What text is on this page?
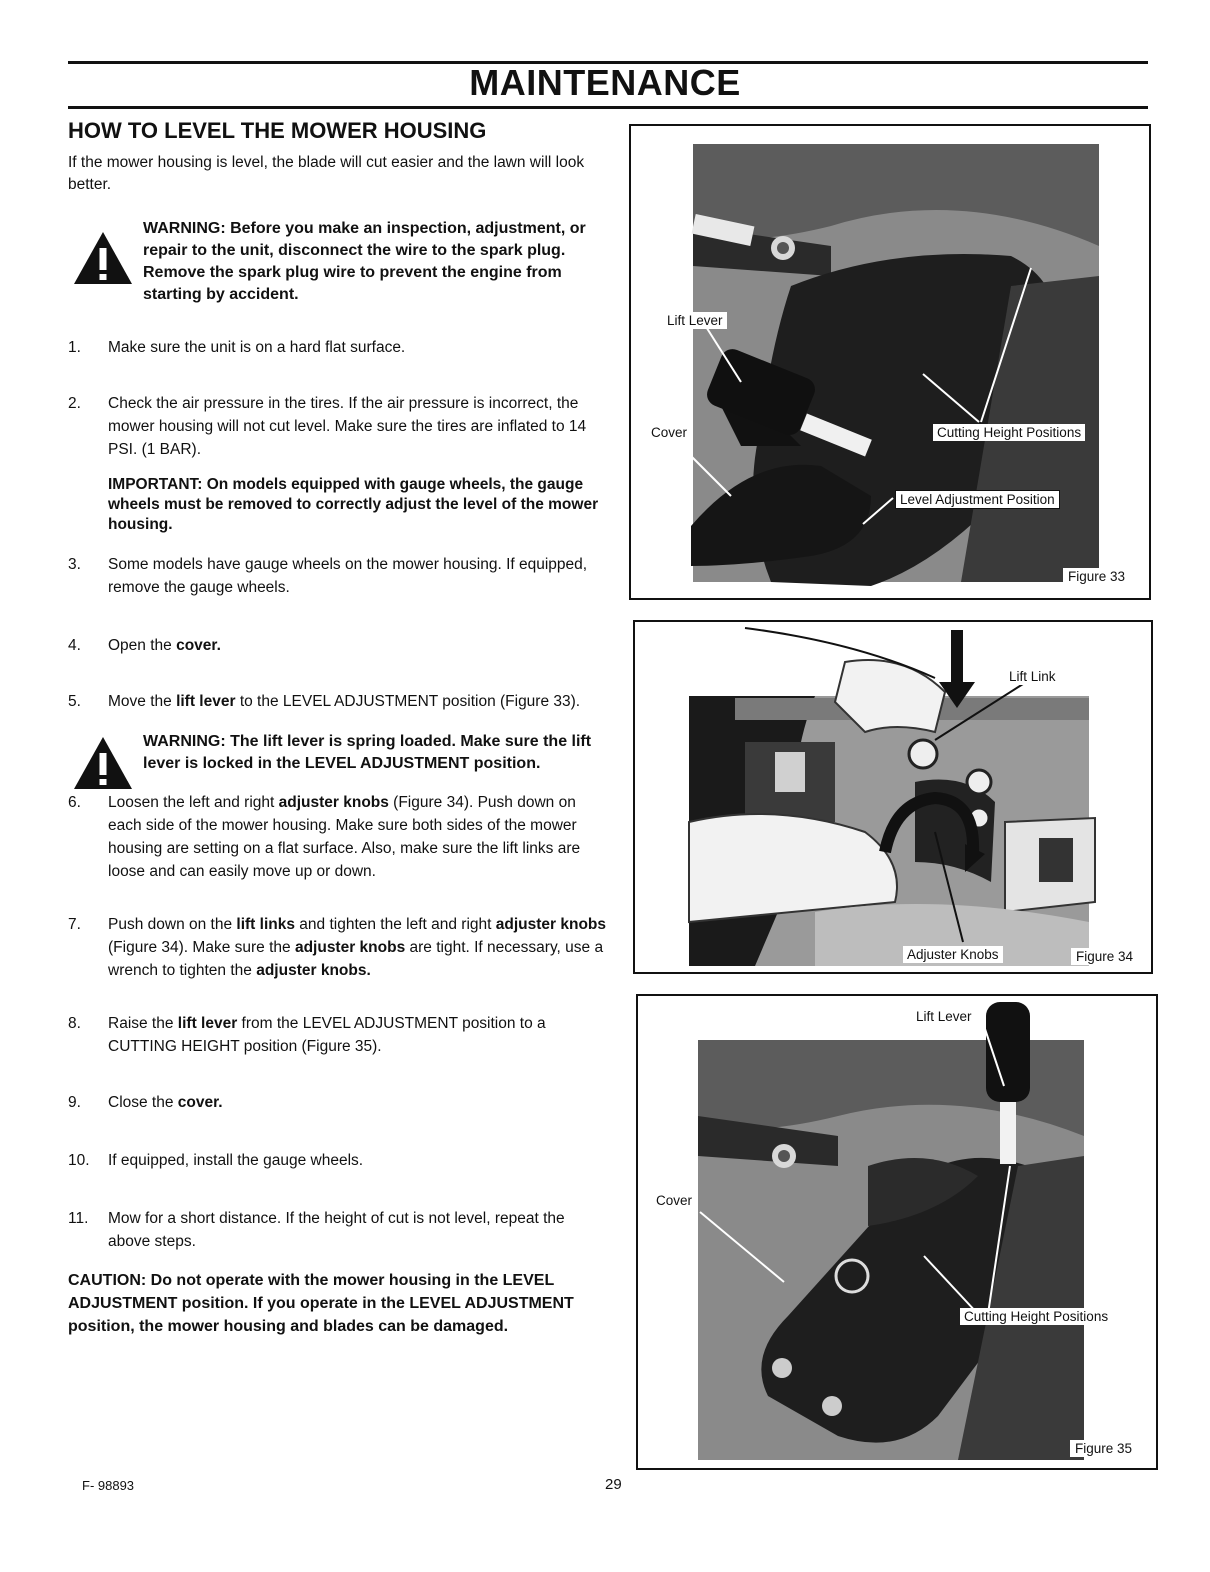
MAINTENANCE
HOW TO LEVEL THE MOWER HOUSING

If the mower housing is level, the blade will cut easier and the lawn will look better.

WARNING: Before you make an inspection, adjustment, or repair to the unit, disconnect the wire to the spark plug. Remove the spark plug wire to prevent the engine from starting by accident.

1. Make sure the unit is on a hard flat surface.

2. Check the air pressure in the tires. If the air pressure is incorrect, the mower housing will not cut level. Make sure the tires are inflated to 14 PSI. (1 BAR).

IMPORTANT: On models equipped with gauge wheels, the gauge wheels must be removed to correctly adjust the level of the mower housing.

3. Some models have gauge wheels on the mower housing. If equipped, remove the gauge wheels.

4. Open the cover.

5. Move the lift lever to the LEVEL ADJUSTMENT position (Figure 33).

WARNING: The lift lever is spring loaded. Make sure the lift lever is locked in the LEVEL ADJUSTMENT position.

6. Loosen the left and right adjuster knobs (Figure 34). Push down on each side of the mower housing. Make sure both sides of the mower housing are setting on a flat surface. Also, make sure the lift links are loose and can easily move up or down.

7. Push down on the lift links and tighten the left and right adjuster knobs (Figure 34). Make sure the adjuster knobs are tight. If necessary, use a wrench to tighten the adjuster knobs.

8. Raise the lift lever from the LEVEL ADJUSTMENT position to a CUTTING HEIGHT position (Figure 35).

9. Close the cover.

10. If equipped, install the gauge wheels.

11. Mow for a short distance. If the height of cut is not level, repeat the above steps.

CAUTION: Do not operate with the mower housing in the LEVEL ADJUSTMENT position. If you operate in the LEVEL ADJUSTMENT position, the mower housing and blades can be damaged.

F- 98893	29
Lift Lever
Cover	Cutting Height Positions
Level Adjustment Position
Figure 33
Lift Link
Adjuster Knobs	Figure 34
Lift Lever
Cover
Cutting Height Positions
Figure 35
